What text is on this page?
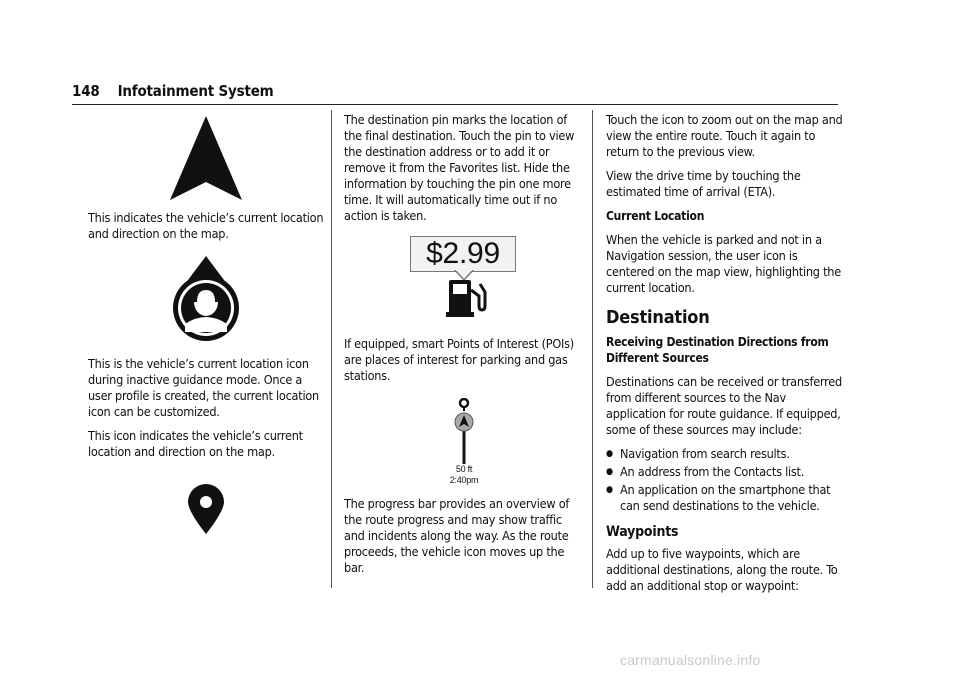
148 Infotainment System

This indicates the vehicle’s current location and direction on the map.

This is the vehicle’s current location icon during inactive guidance mode. Once a user profile is created, the current location icon can be customized.

This icon indicates the vehicle’s current location and direction on the map.

The destination pin marks the location of the final destination. Touch the pin to view the destination address or to add it or remove it from the Favorites list. Hide the information by touching the pin one more time. It will automatically time out if no action is taken.

$2.99

If equipped, smart Points of Interest (POIs) are places of interest for parking and gas stations.

50 ft
2:40pm

The progress bar provides an overview of the route progress and may show traffic and incidents along the way. As the route proceeds, the vehicle icon moves up the bar.

Touch the icon to zoom out on the map and view the entire route. Touch it again to return to the previous view.

View the drive time by touching the estimated time of arrival (ETA).

Current Location

When the vehicle is parked and not in a Navigation session, the user icon is centered on the map view, highlighting the current location.

Destination

Receiving Destination Directions from Different Sources

Destinations can be received or transferred from different sources to the Nav application for route guidance. If equipped, some of these sources may include:

● Navigation from search results.
● An address from the Contacts list.
● An application on the smartphone that can send destinations to the vehicle.
Waypoints

Add up to five waypoints, which are additional destinations, along the route. To add an additional stop or waypoint:

carmanualsonline.info
